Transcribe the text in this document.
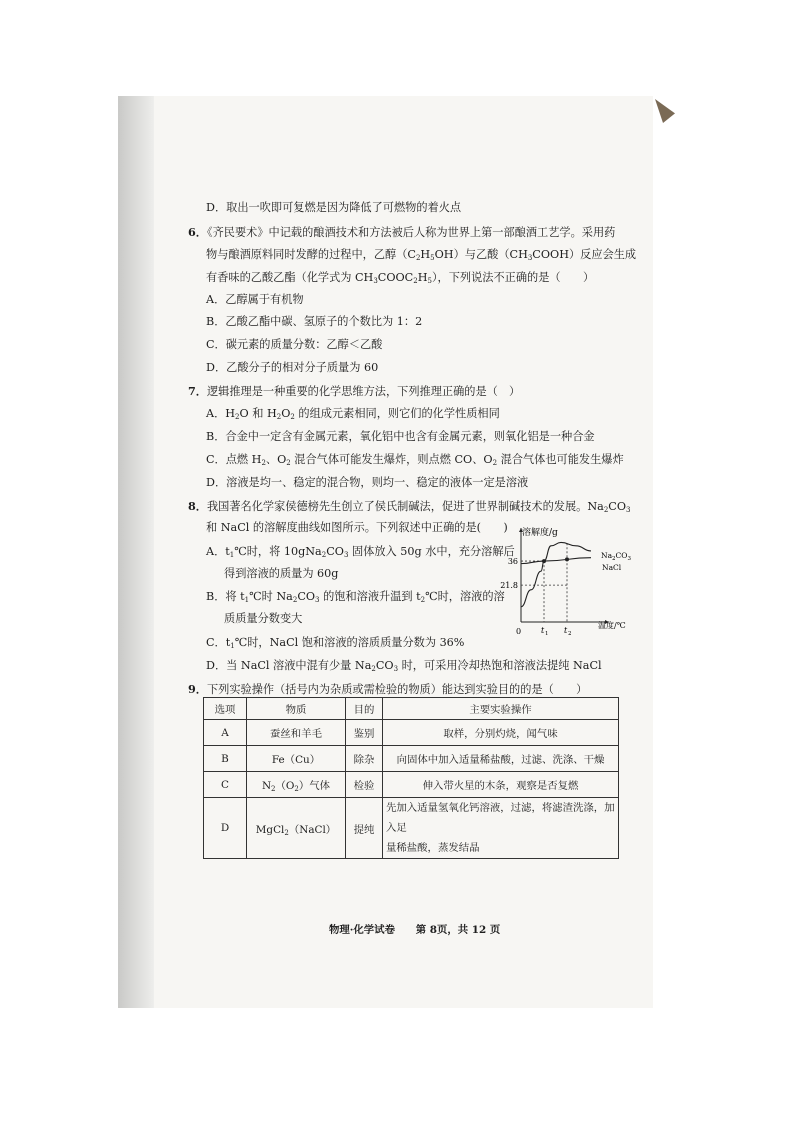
D．取出一吹即可复燃是因为降低了可燃物的着火点
6．《齐民要术》中记载的酿酒技术和方法被后人称为世界上第一部酿酒工艺学。采用药
物与酿酒原料同时发酵的过程中，乙醇$(C_2H_5OH)$与乙酸$(CH_3COOH)$反应会生成
有香味的乙酸乙酯（化学式为 $CH_3COOC_2H_5$），下列说法不正确的是（　　）
A．乙醇属于有机物
B．乙酸乙酯中碳、氢原子的个数比为 1：2
C．碳元素的质量分数：乙醇＜乙酸
D．乙酸分子的相对分子质量为 60
7．逻辑推理是一种重要的化学思维方法，下列推理正确的是（　）
A．$H_2O$ 和 $H_2O_2$ 的组成元素相同，则它们的化学性质相同
B．合金中一定含有金属元素，氧化铝中也含有金属元素，则氧化铝是一种合金
C．点燃 $H_2$、$O_2$ 混合气体可能发生爆炸，则点燃 CO、$O_2$ 混合气体也可能发生爆炸
D．溶液是均一、稳定的混合物，则均一、稳定的液体一定是溶液
8．我国著名化学家侯德榜先生创立了侯氏制碱法，促进了世界制碱技术的发展。$Na_2CO_3$
和 NaCl 的溶解度曲线如图所示。下列叙述中正确的是(　　)
A．$t_1℃$时，将 $10gNa_2CO_3$ 固体放入 50g 水中，充分溶解后
得到溶液的质量为 60g
B．将 $t_1℃$时 $Na_2CO_3$ 的饱和溶液升温到 $t_2℃$时，溶液的溶
质质量分数变大
C．$t_1℃$时，NaCl 饱和溶液的溶质质量分数为 36%
D．当 NaCl 溶液中混有少量 $Na_2CO_3$ 时，可采用冷却热饱和溶液法提纯 NaCl
21.8
36
t 1 t 2
溶解度/g
温度/℃
0
$Na_2CO_3$
NaCl
9．下列实验操作（括号内为杂质或需检验的物质）能达到实验目的的是（　　）
选项	物质	目的	主要实验操作
A	蚕丝和羊毛	鉴别	取样，分别灼烧，闻气味
B	Fe（Cu）	除杂	向固体中加入适量稀盐酸，过滤、洗涤、干燥
C	$N_2(O_2)$气体	检验	伸入带火星的木条，观察是否复燃
D	MgCl$_2$（NaCl）	提纯	先加入适量氢氧化钙溶液，过滤，将滤渣洗涤，加入足
量稀盐酸，蒸发结晶
物理·化学试卷　　第 8页，共 12 页
